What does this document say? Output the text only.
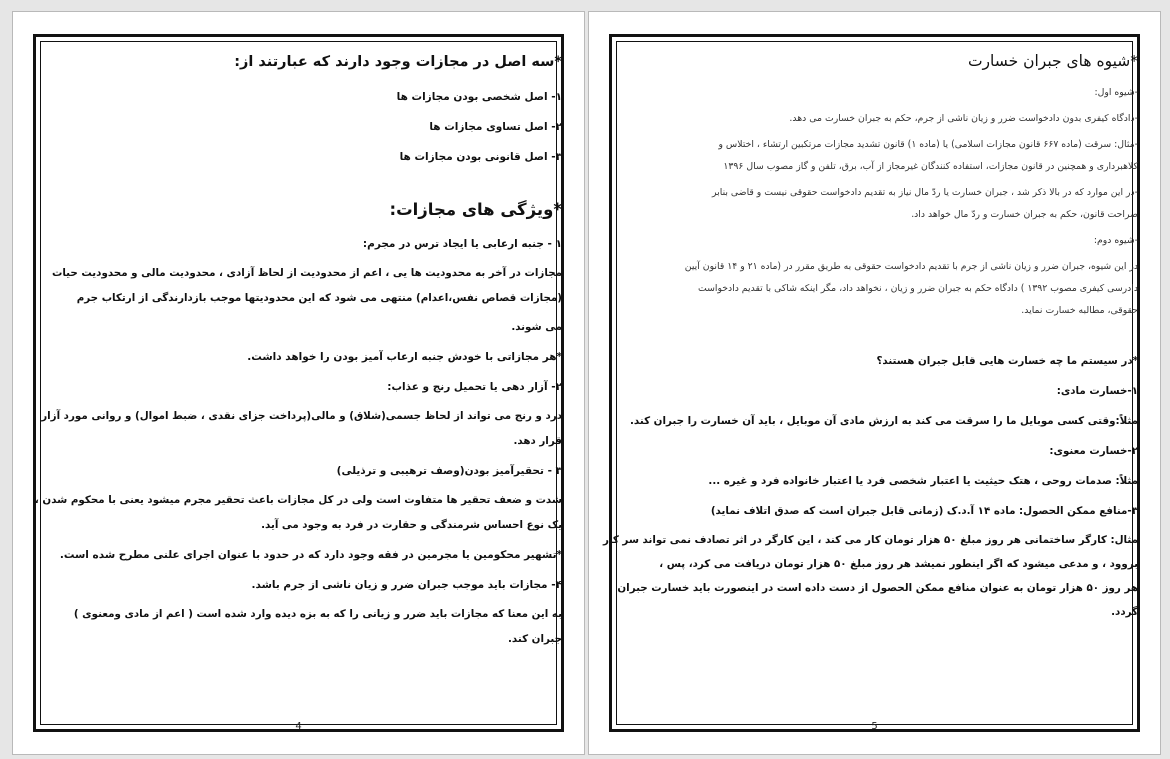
*سه اصل در مجازات وجود دارند که عبارتند از:

۱- اصل شخصی بودن مجازات ها

۲- اصل تساوی مجازات ها

۳- اصل قانونی بودن مجازات ها

*ویژگی های مجازات:

۱ - جنبه ارعابی یا ایجاد ترس در مجرم:

مجازات در آخر به محدودیت ها یی ، اعم از محدودیت از لحاظ آزادی ، محدودیت مالی و محدودیت حیات

(مجازات قصاص نفس،اعدام) منتهی می شود که این محدودیتها موجب بازدارندگی از ارتکاب جرم

می شوند.

*هر مجازاتی با خودش جنبه ارعاب آمیز بودن را خواهد داشت.

۲- آزار دهی یا تحمیل رنج و عذاب:

درد و رنج می تواند از لحاظ جسمی(شلاق) و مالی(پرداخت جزای نقدی ، ضبط اموال) و روانی مورد آزار

قرار دهد.

۳ - تحقیرآمیز بودن(وصف ترهیبی و ترذیلی)

شدت و ضعف تحقیر ها متفاوت است ولی در کل مجازات باعث تحقیر مجرم میشود یعنی با محکوم شدن ،

یک نوع احساس شرمندگی و حقارت در فرد به وجود می آید.

*تشهیر محکومین یا مجرمین در فقه وجود دارد که در حدود با عنوان اجرای علنی مطرح شده است.

۴- مجازات باید موجب جبران ضرر و زیان ناشی از جرم باشد.

به این معنا که مجازات باید ضرر و زیانی را که به بزه دیده وارد شده است ( اعم از مادی ومعنوی )

جبران کند.

4

*شیوه های جبران خسارت

-شیوه اول:

-دادگاه کیفری بدون دادخواست ضرر و زیان ناشی از جرم، حکم به جبران خسارت می دهد.

-مثال: سرقت (ماده ۶۶۷ قانون مجازات اسلامی) یا (ماده ۱) قانون تشدید مجازات مرتکبین ارتشاء ، اختلاس و

کلاهبرداری و همچنین در قانون مجازات، استفاده کنندگان غیرمجاز از آب، برق، تلفن و گاز مصوب سال ۱۳۹۶

-در این موارد که در بالا ذکر شد ، جبران خسارت یا ردّ مال نیاز به تقدیم دادخواست حقوقی نیست و قاضی بنابر

صراحت قانون، حکم به جبران خسارت و ردّ مال خواهد داد.

-شیوه دوم:

در این شیوه، جبران ضرر و زیان ناشی از جرم با تقدیم دادخواست حقوقی به طریق مقرر در (ماده ۲۱ و ۱۴ قانون آیین

دادرسی کیفری مصوب ۱۳۹۲ ) دادگاه حکم به جبران ضرر و زیان ، نخواهد داد، مگر اینکه شاکی با تقدیم دادخواست

حقوقی، مطالبه خسارت نماید.

*در سیستم ما چه خسارت هایی قابل جبران هستند؟

۱-خسارت مادی:

مثلاً:وقتی کسی موبایل ما را سرقت می کند به ارزش مادی آن موبایل ، باید آن خسارت را جبران کند.

۲-خسارت معنوی:

مثلاً: صدمات روحی ، هتک حیثیت یا اعتبار شخصی فرد یا اعتبار خانواده فرد و غیره ...

۳-منافع ممکن الحصول: ماده ۱۴ آ.د.ک (زمانی قابل جبران است که صدق اتلاف نماید)

مثال: کارگر ساختمانی هر روز مبلغ ۵۰ هزار تومان کار می کند ، این کارگر در اثر تصادف نمی تواند سر کار

بروود ، و مدعی میشود که اگر اینطور نمیشد هر روز مبلغ ۵۰ هزار تومان دریافت می کرد، پس ،

هر روز ۵۰ هزار تومان به عنوان منافع ممکن الحصول از دست داده است در اینصورت باید خسارت جبران

گردد.

5
